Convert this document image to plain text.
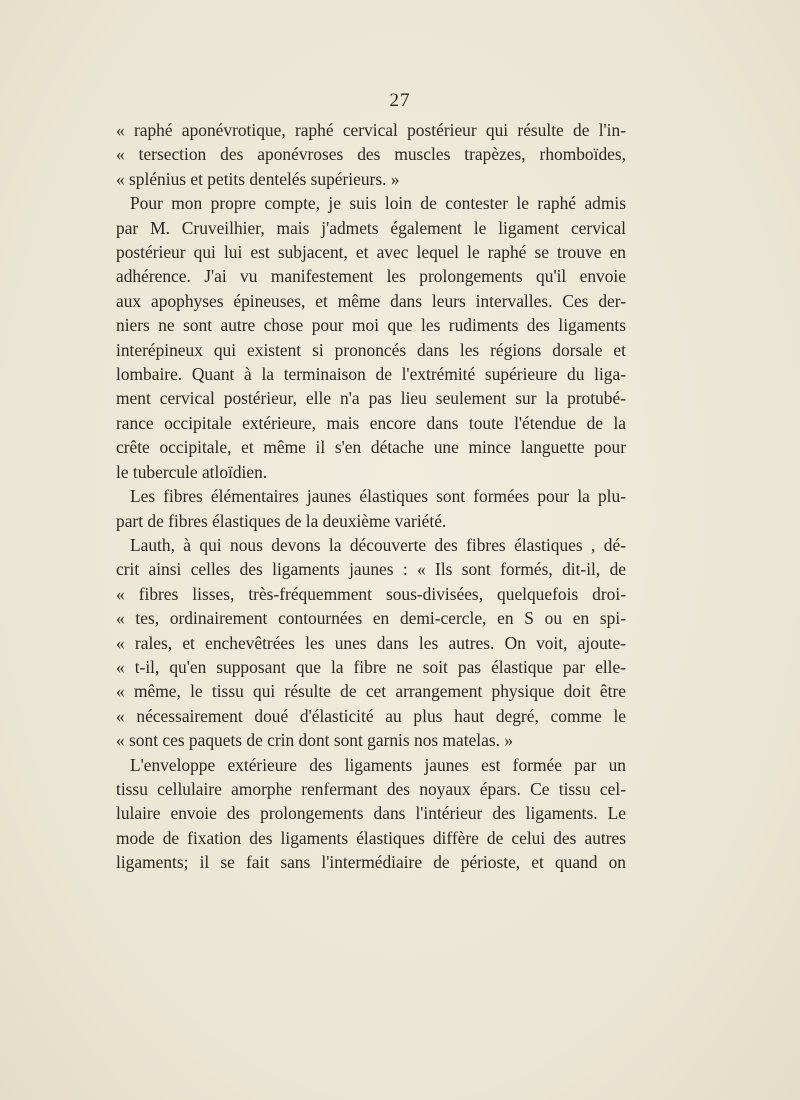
27
« raphé aponévrotique, raphé cervical postérieur qui résulte de l'in-
« tersection des aponévroses des muscles trapèzes, rhomboïdes,
« splénius et petits dentelés supérieurs. »
Pour mon propre compte, je suis loin de contester le raphé admis
par M. Cruveilhier, mais j'admets également le ligament cervical
postérieur qui lui est subjacent, et avec lequel le raphé se trouve en
adhérence. J'ai vu manifestement les prolongements qu'il envoie
aux apophyses épineuses, et même dans leurs intervalles. Ces der-
niers ne sont autre chose pour moi que les rudiments des ligaments
interépineux qui existent si prononcés dans les régions dorsale et
lombaire. Quant à la terminaison de l'extrémité supérieure du liga-
ment cervical postérieur, elle n'a pas lieu seulement sur la protubé-
rance occipitale extérieure, mais encore dans toute l'étendue de la
crête occipitale, et même il s'en détache une mince languette pour
le tubercule atloïdien.
Les fibres élémentaires jaunes élastiques sont formées pour la plu-
part de fibres élastiques de la deuxième variété.
Lauth, à qui nous devons la découverte des fibres élastiques , dé-
crit ainsi celles des ligaments jaunes : « Ils sont formés, dit-il, de
« fibres lisses, très-fréquemment sous-divisées, quelquefois droi-
« tes, ordinairement contournées en demi-cercle, en S ou en spi-
« rales, et enchevêtrées les unes dans les autres. On voit, ajoute-
« t-il, qu'en supposant que la fibre ne soit pas élastique par elle-
« même, le tissu qui résulte de cet arrangement physique doit être
« nécessairement doué d'élasticité au plus haut degré, comme le
« sont ces paquets de crin dont sont garnis nos matelas. »
L'enveloppe extérieure des ligaments jaunes est formée par un
tissu cellulaire amorphe renfermant des noyaux épars. Ce tissu cel-
lulaire envoie des prolongements dans l'intérieur des ligaments. Le
mode de fixation des ligaments élastiques diffère de celui des autres
ligaments; il se fait sans l'intermédiaire de périoste, et quand on
